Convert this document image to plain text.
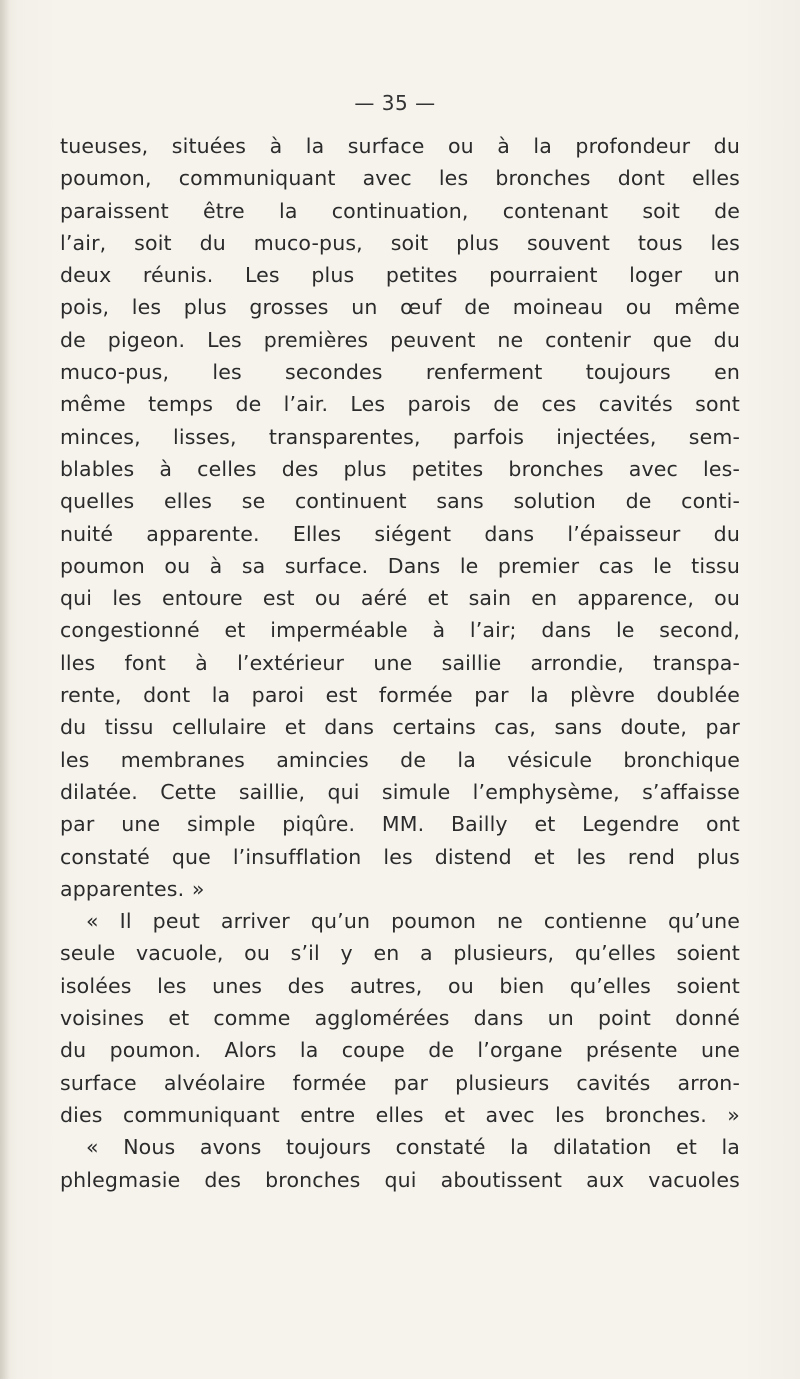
— 35 —
tueuses, situées à la surface ou à la profondeur du
poumon, communiquant avec les bronches dont elles
paraissent être la continuation, contenant soit de
l’air, soit du muco-pus, soit plus souvent tous les
deux réunis. Les plus petites pourraient loger un
pois, les plus grosses un œuf de moineau ou même
de pigeon. Les premières peuvent ne contenir que du
muco-pus, les secondes renferment toujours en
même temps de l’air. Les parois de ces cavités sont
minces, lisses, transparentes, parfois injectées, sem-
blables à celles des plus petites bronches avec les-
quelles elles se continuent sans solution de conti-
nuité apparente. Elles siégent dans l’épaisseur du
poumon ou à sa surface. Dans le premier cas le tissu
qui les entoure est ou aéré et sain en apparence, ou
congestionné et imperméable à l’air; dans le second,
lles font à l’extérieur une saillie arrondie, transpa-
rente, dont la paroi est formée par la plèvre doublée
du tissu cellulaire et dans certains cas, sans doute, par
les membranes amincies de la vésicule bronchique
dilatée. Cette saillie, qui simule l’emphysème, s’affaisse
par une simple piqûre. MM. Bailly et Legendre ont
constaté que l’insufflation les distend et les rend plus
apparentes. »
« Il peut arriver qu’un poumon ne contienne qu’une
seule vacuole, ou s’il y en a plusieurs, qu’elles soient
isolées les unes des autres, ou bien qu’elles soient
voisines et comme agglomérées dans un point donné
du poumon. Alors la coupe de l’organe présente une
surface alvéolaire formée par plusieurs cavités arron-
dies communiquant entre elles et avec les bronches. »
« Nous avons toujours constaté la dilatation et la
phlegmasie des bronches qui aboutissent aux vacuoles
